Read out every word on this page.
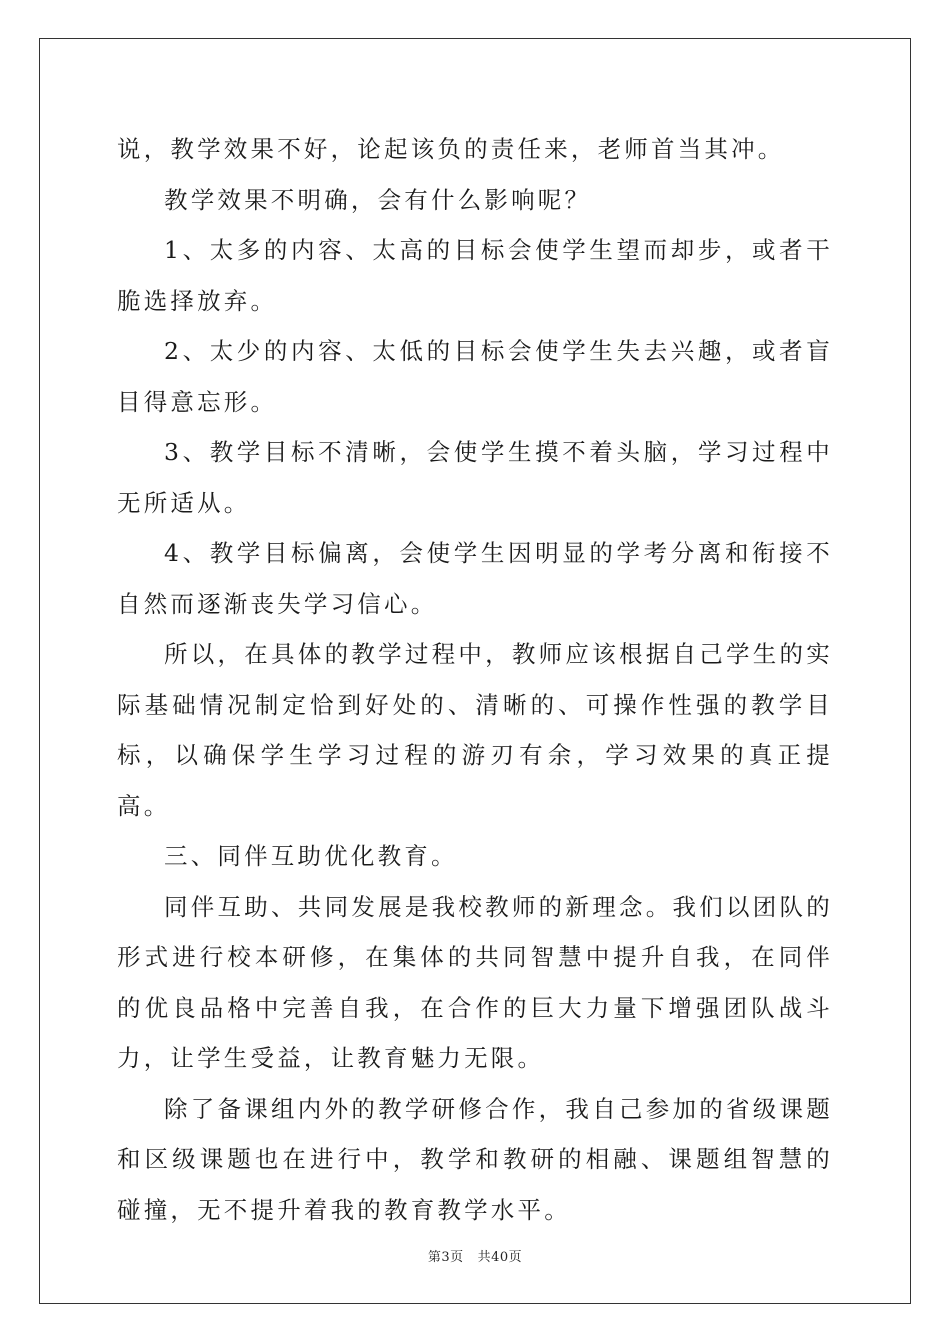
说，教学效果不好，论起该负的责任来，老师首当其冲。

教学效果不明确，会有什么影响呢？

1、太多的内容、太高的目标会使学生望而却步，或者干脆选择放弃。

2、太少的内容、太低的目标会使学生失去兴趣，或者盲目得意忘形。

3、教学目标不清晰，会使学生摸不着头脑，学习过程中无所适从。

4、教学目标偏离，会使学生因明显的学考分离和衔接不自然而逐渐丧失学习信心。

所以，在具体的教学过程中，教师应该根据自己学生的实际基础情况制定恰到好处的、清晰的、可操作性强的教学目标，以确保学生学习过程的游刃有余，学习效果的真正提高。

三、同伴互助优化教育。

同伴互助、共同发展是我校教师的新理念。我们以团队的形式进行校本研修，在集体的共同智慧中提升自我，在同伴的优良品格中完善自我，在合作的巨大力量下增强团队战斗力，让学生受益，让教育魅力无限。

除了备课组内外的教学研修合作，我自己参加的省级课题和区级课题也在进行中，教学和教研的相融、课题组智慧的碰撞，无不提升着我的教育教学水平。

第3页 共40页
